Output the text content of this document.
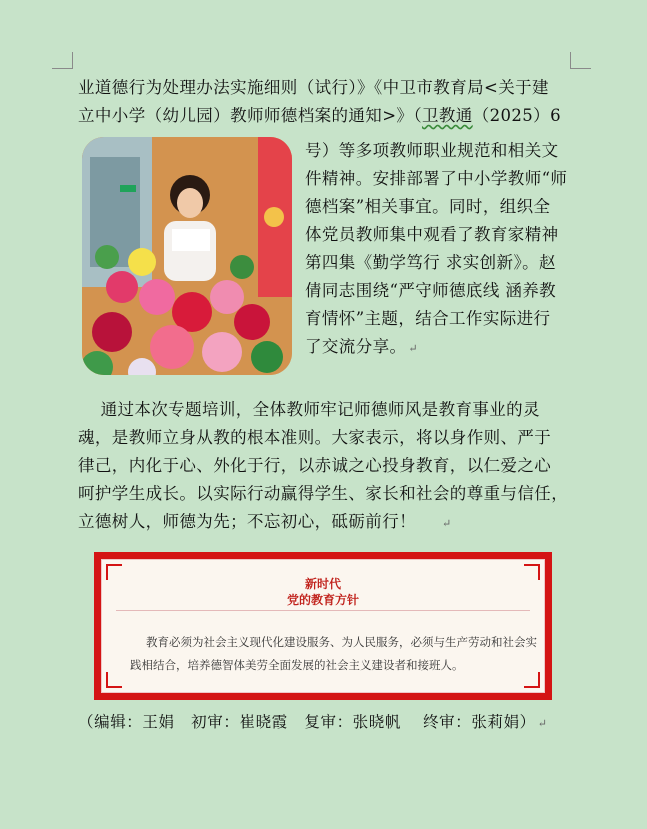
业道德行为处理办法实施细则（试行）》《中卫市教育局<关于建
立中小学（幼儿园）教师师德档案的通知>》（卫教通（2025）6
号）等多项教师职业规范和相关文
件精神。安排部署了中小学教师“师
德档案”相关事宜。同时，组织全
体党员教师集中观看了教育家精神
第四集《勤学笃行 求实创新》。赵
倩同志围绕“严守师德底线 涵养教
育情怀”主题，结合工作实际进行
了交流分享。 ↵
通过本次专题培训，全体教师牢记师德师风是教育事业的灵
魂，是教师立身从教的根本准则。大家表示，将以身作则、严于
律己，内化于心、外化于行，以赤诚之心投身教育，以仁爱之心
呵护学生成长。以实际行动赢得学生、家长和社会的尊重与信任，
立德树人，师德为先；不忘初心，砥砺前行！ ↵
新时代
党的教育方针
教育必须为社会主义现代化建设服务、为人民服务，必须与生产劳动和社会实
践相结合，培养德智体美劳全面发展的社会主义建设者和接班人。
（编辑：王娟   初审：崔晓霞   复审：张晓帆    终审：张莉娟） ↵
